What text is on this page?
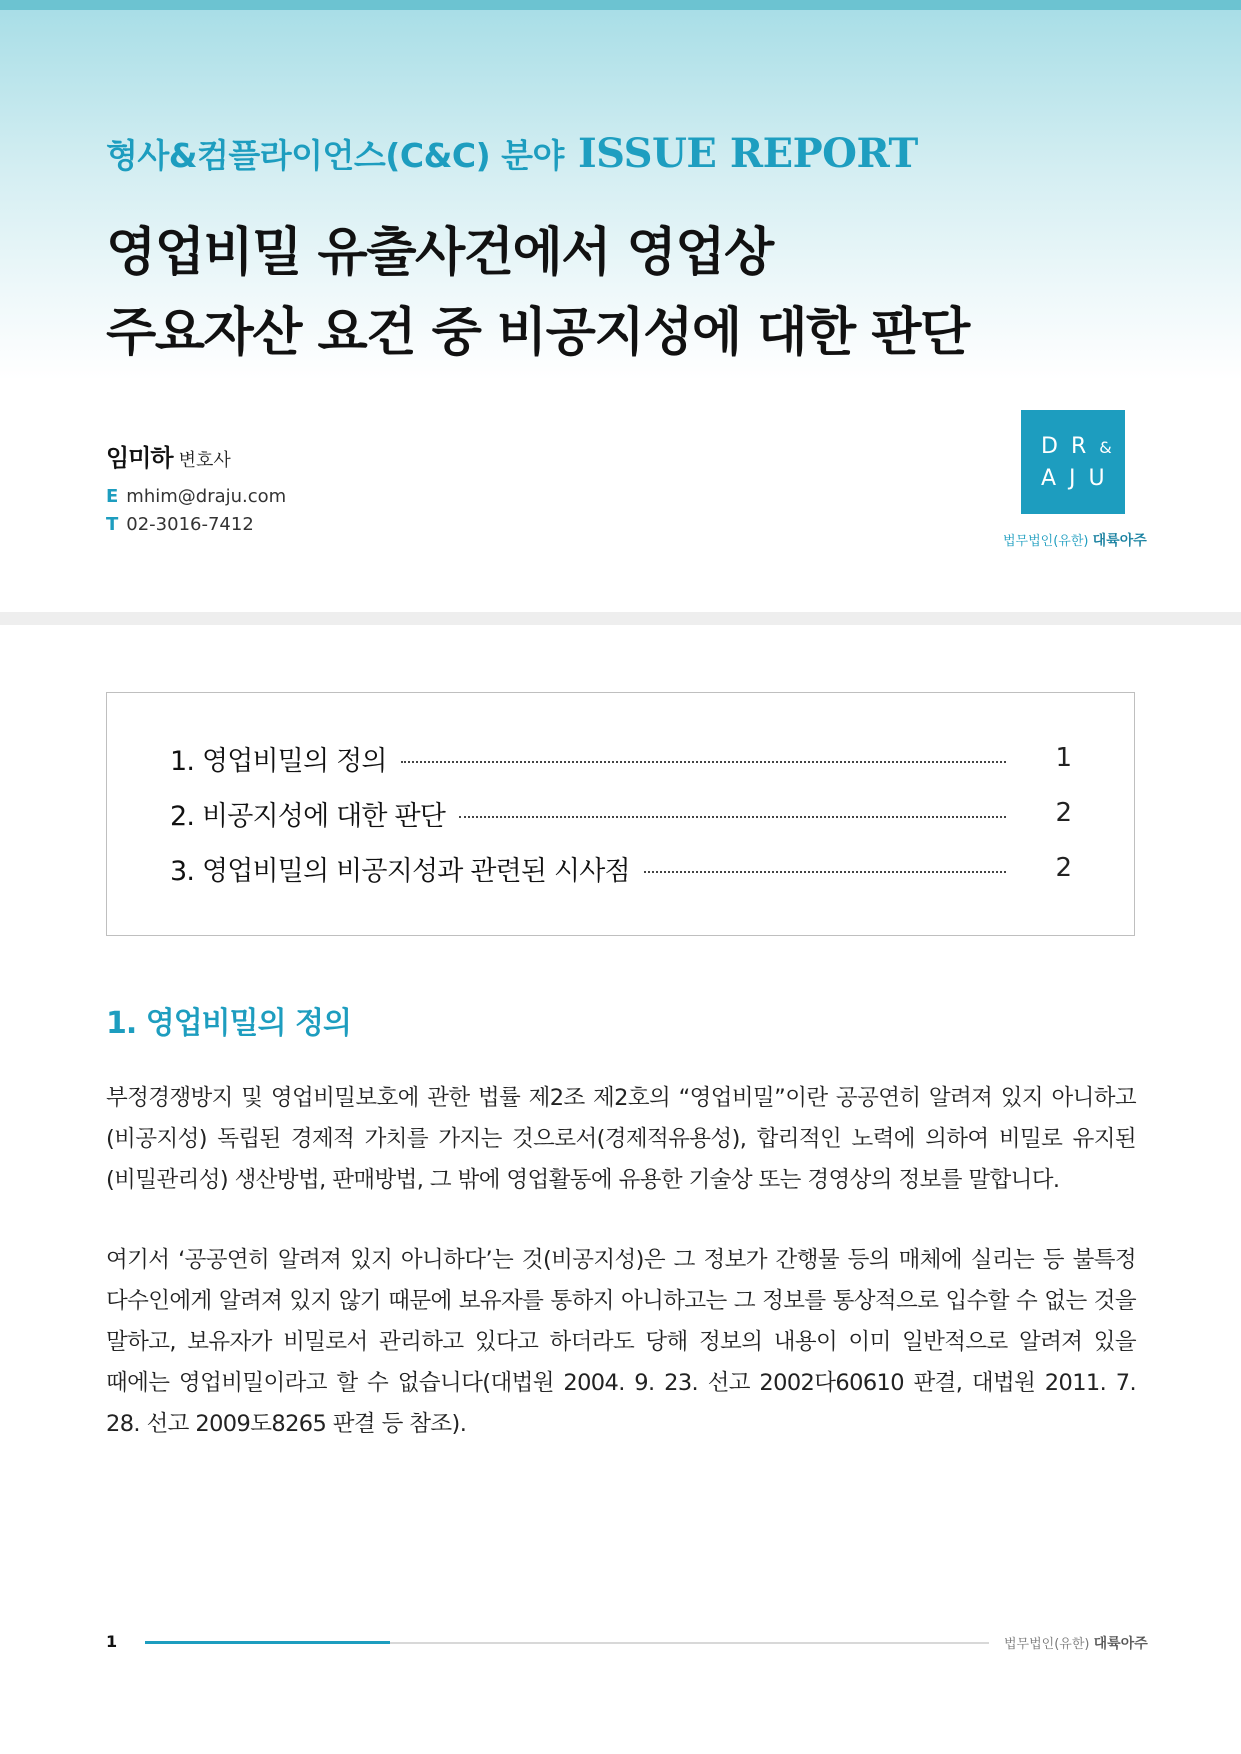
형사&컴플라이언스(C&C) 분야 ISSUE REPORT
영업비밀 유출사건에서 영업상
주요자산 요건 중 비공지성에 대한 판단
임미하 변호사
E mhim@draju.com
T 02-3016-7412
DR&
AJU
법무법인(유한) 대륙아주
1. 영업비밀의 정의	1
2. 비공지성에 대한 판단	2
3. 영업비밀의 비공지성과 관련된 시사점	2
1. 영업비밀의 정의

부정경쟁방지 및 영업비밀보호에 관한 법률 제2조 제2호의 “영업비밀”이란 공공연히 알려져 있지 아니하고(비공지성) 독립된 경제적 가치를 가지는 것으로서(경제적유용성), 합리적인 노력에 의하여 비밀로 유지된(비밀관리성) 생산방법, 판매방법, 그 밖에 영업활동에 유용한 기술상 또는 경영상의 정보를 말합니다.

여기서 ‘공공연히 알려져 있지 아니하다’는 것(비공지성)은 그 정보가 간행물 등의 매체에 실리는 등 불특정 다수인에게 알려져 있지 않기 때문에 보유자를 통하지 아니하고는 그 정보를 통상적으로 입수할 수 없는 것을 말하고, 보유자가 비밀로서 관리하고 있다고 하더라도 당해 정보의 내용이 이미 일반적으로 알려져 있을 때에는 영업비밀이라고 할 수 없습니다(대법원 2004. 9. 23. 선고 2002다60610 판결, 대법원 2011. 7. 28. 선고 2009도8265 판결 등 참조).

1	법무법인(유한) 대륙아주
